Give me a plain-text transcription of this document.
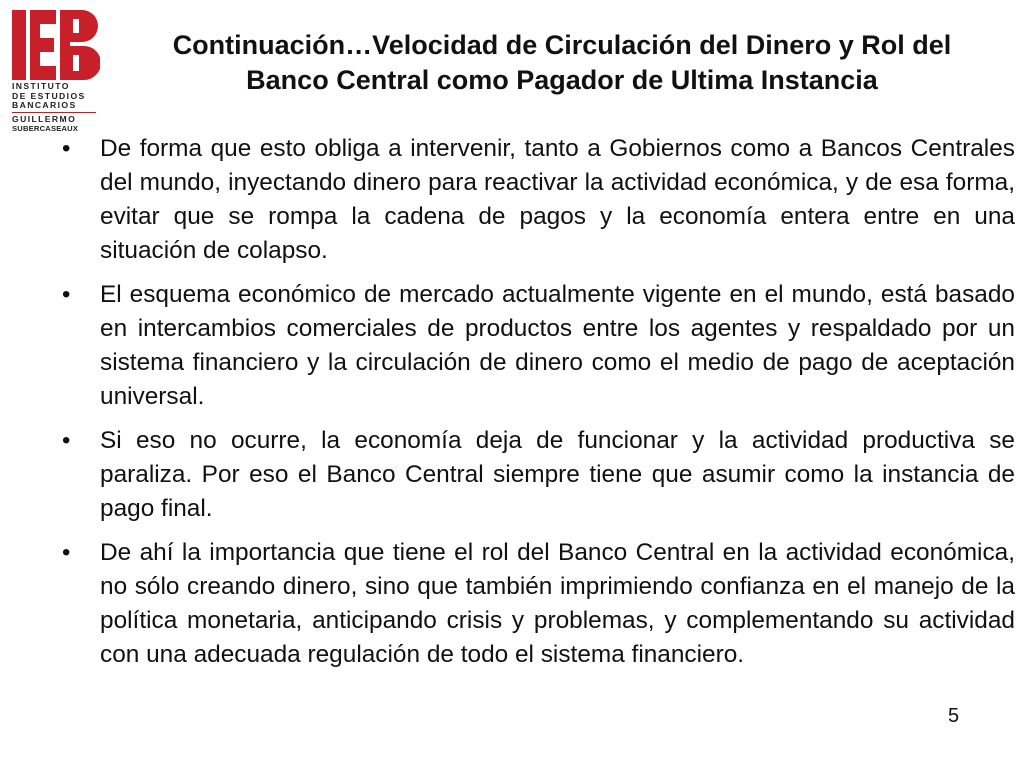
INSTITUTO
DE ESTUDIOS
BANCARIOS
GUILLERMO
SUBERCASEAUX
Continuación…Velocidad de Circulación del Dinero y Rol del
Banco Central como Pagador de Ultima Instancia
•	De forma que esto obliga a intervenir, tanto a Gobiernos como a Bancos Centrales del mundo, inyectando dinero para reactivar la actividad económica, y de esa forma, evitar que se rompa la cadena de pagos y la economía entera entre en una situación de colapso.
•	El esquema económico de mercado actualmente vigente en el mundo, está basado en intercambios comerciales de productos entre los agentes y respaldado por un sistema financiero y la circulación de dinero como el medio de pago de aceptación universal.
•	Si eso no ocurre, la economía deja de funcionar y la actividad productiva se paraliza. Por eso el Banco Central siempre tiene que asumir como la instancia de pago final.
•	De ahí la importancia que tiene el rol del Banco Central en la actividad económica, no sólo creando dinero, sino que también imprimiendo confianza en el manejo de la política monetaria, anticipando crisis y problemas, y complementando su actividad con una adecuada regulación de todo el sistema financiero.
5
